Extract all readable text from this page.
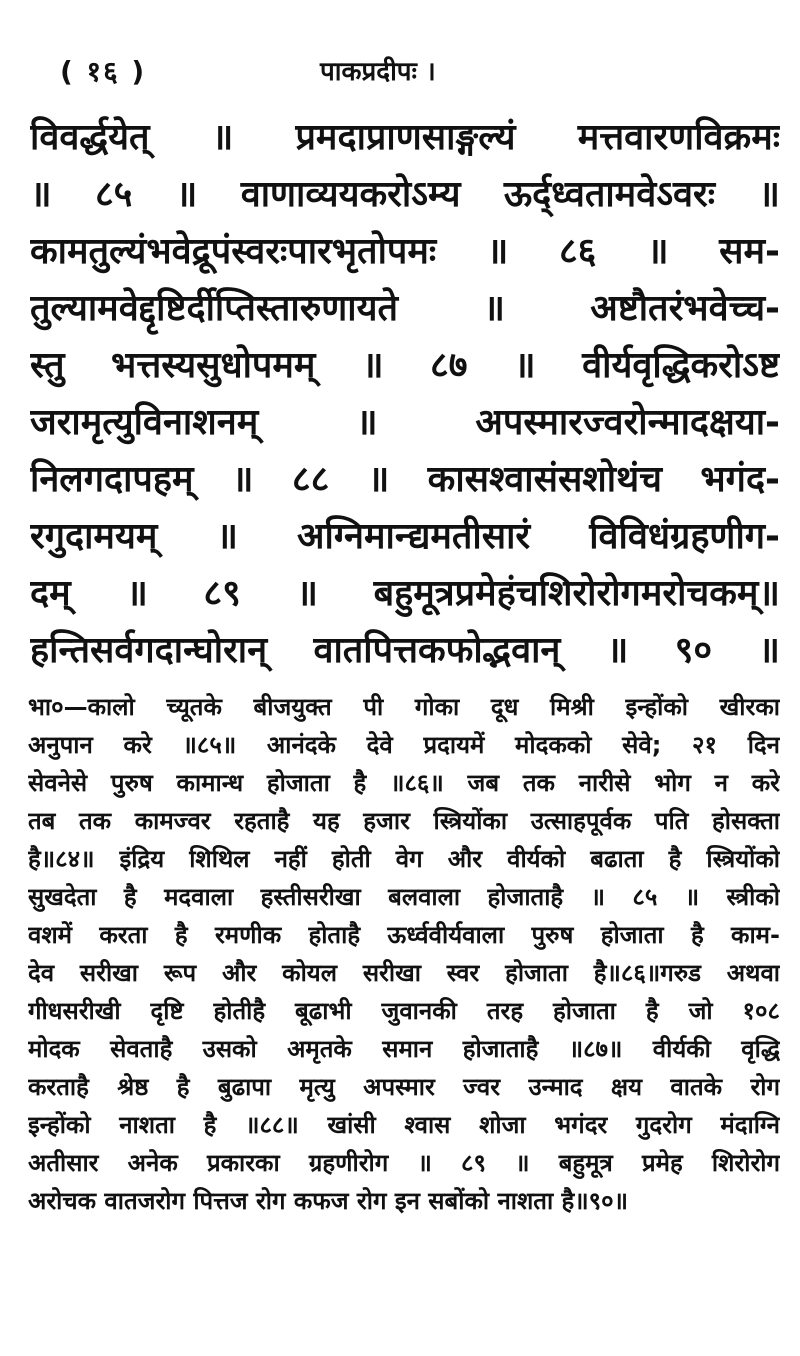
( १६ )	पाकप्रदीपः ।
विवर्द्धयेत् ॥ प्रमदाप्राणसाङ्गल्यं मत्तवारणविक्रमः
॥ ८५ ॥ वाणाव्ययकरोऽम्य ऊर्द्ध्वतामवेऽवरः ॥
कामतुल्यंभवेद्रूपंस्वरःपारभृतोपमः ॥ ८६ ॥ सम-
तुल्यामवेद्दृष्टिर्दीप्तिस्तारुणायते ॥ अष्टौतरंभवेच्च-
स्तु भत्तस्यसुधोपमम् ॥ ८७ ॥ वीर्यवृद्धिकरोऽष्ट
जरामृत्युविनाशनम् ॥ अपस्मारज्वरोन्मादक्षया-
निलगदापहम् ॥ ८८ ॥ कासश्वासंसशोथंच भगंद-
रगुदामयम् ॥ अग्निमान्द्यमतीसारं विविधंग्रहणीग-
दम् ॥ ८९ ॥ बहुमूत्रप्रमेहंचशिरोरोगमरोचकम्॥
हन्तिसर्वगदान्घोरान् वातपित्तकफोद्भवान् ॥ ९० ॥
भा०—कालो च्यूतके बीजयुक्त पी गोका दूध मिश्री इन्होंको खीरका
अनुपान करे ॥८५॥ आनंदके देवे प्रदायमें मोदकको सेवे; २१ दिन
सेवनेसे पुरुष कामान्ध होजाता है ॥८६॥ जब तक नारीसे भोग न करे
तब तक कामज्वर रहताहै यह हजार स्त्रियोंका उत्साहपूर्वक पति होसक्ता
है॥८४॥ इंद्रिय शिथिल नहीं होती वेग और वीर्यको बढाता है स्त्रियोंको
सुखदेता है मदवाला हस्तीसरीखा बलवाला होजाताहै ॥ ८५ ॥ स्त्रीको
वशमें करता है रमणीक होताहै ऊर्ध्ववीर्यवाला पुरुष होजाता है काम-
देव सरीखा रूप और कोयल सरीखा स्वर होजाता है॥८६॥गरुड अथवा
गीधसरीखी दृष्टि होतीहै बूढाभी जुवानकी तरह होजाता है जो १०८
मोदक सेवताहै उसको अमृतके समान होजाताहै ॥८७॥ वीर्यकी वृद्धि
करताहै श्रेष्ठ है बुढापा मृत्यु अपस्मार ज्वर उन्माद क्षय वातके रोग
इन्होंको नाशता है ॥८८॥ खांसी श्वास शोजा भगंदर गुदरोग मंदाग्नि
अतीसार अनेक प्रकारका ग्रहणीरोग ॥ ८९ ॥ बहुमूत्र प्रमेह शिरोरोग
अरोचक वातजरोग पित्तज रोग कफज रोग इन सबोंको नाशता है॥९०॥
